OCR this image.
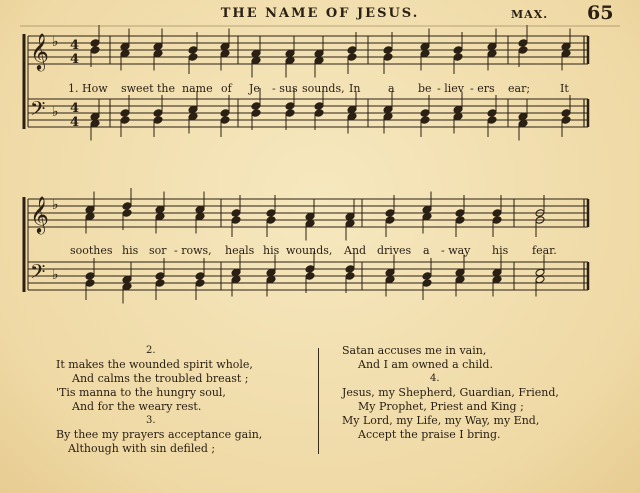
THE NAME OF JESUS.	MAX. 65
𝄞
𝄢
♭
♭
𝄞
𝄢
♭
♭
4
4
4
4
1. How sweet the name of Je - sus sounds, In	a be - liev - ers ear;	It
soothes his sor - rows, heals his wounds, And drives a - way his fear.
2.
It makes the wounded spirit whole,
And calms the troubled breast ;
'Tis manna to the hungry soul,
And for the weary rest.
3.
By thee my prayers acceptance gain,
Although with sin defiled ;
Satan accuses me in vain,
And I am owned a child.
4.
Jesus, my Shepherd, Guardian, Friend,
My Prophet, Priest and King ;
My Lord, my Life, my Way, my End,
Accept the praise I bring.
